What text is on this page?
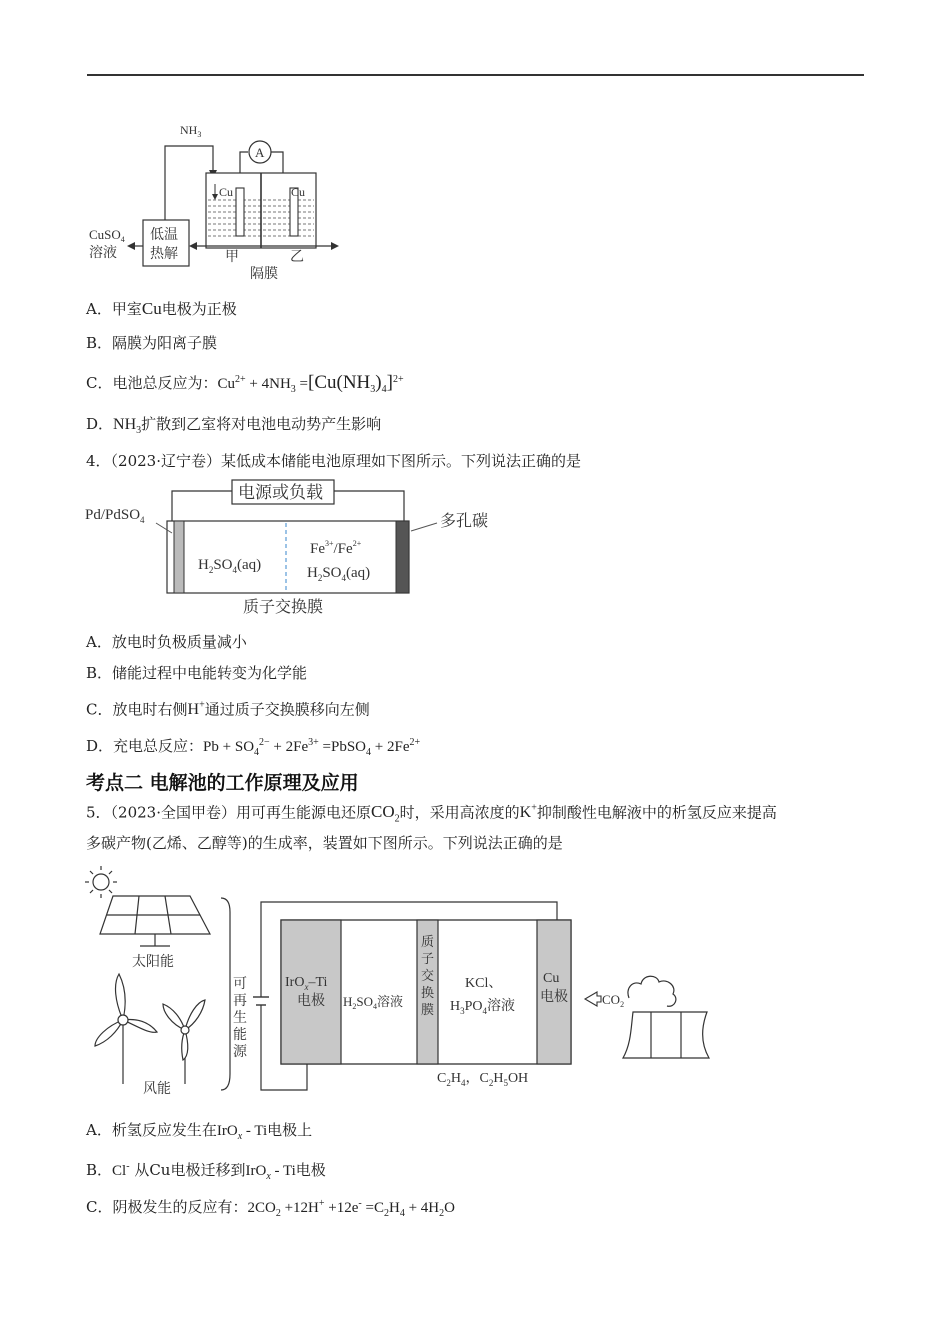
$NH_3$
A
Cu	Cu
低温
热解
CuSO$_4$
溶液	甲	乙
隔膜
A．甲室Cu电极为正极
B．隔膜为阳离子膜
C．电池总反应为：$Cu^{2+} + 4NH_3 =[Cu(NH_3)_4]^{2+}$
D．$NH_3$扩散到乙室将对电池电动势产生影响
4．（2023·辽宁卷）某低成本储能电池原理如下图所示。下列说法正确的是
电源或负载
Pd/PdSO$_4$	多孔碳
$H_2SO_4(aq)$
$Fe^{3+}/Fe^{2+}$
$H_2SO_4(aq)$
质子交换膜
A．放电时负极质量减小
B．储能过程中电能转变为化学能
C．放电时右侧H+通过质子交换膜移向左侧
D．充电总反应：$Pb + SO_4^{2-} + 2Fe^{3+}$ =PbSO$_4$ + $2Fe^{2+}$
考点二 电解池的工作原理及应用
5．（2023·全国甲卷）用可再生能源电还原$CO_2$时，采用高浓度的K+抑制酸性电解液中的析氢反应来提高
多碳产物(乙烯、乙醇等)的生成率，装置如下图所示。下列说法正确的是
太阳能
风能
可 再 生 能 源
IrO$_x$–Ti
电极 $H_2SO_4$溶液
质 子 交 换 膜
KCl、
$H_3PO_4$溶液
Cu
电极	$CO_2$
$C_2H_4$，$C_2H_5OH$
A．析氢反应发生在IrO$_x$ - Ti电极上
B．Cl- 从Cu电极迁移到IrO$_x$ - Ti电极
C．阴极发生的反应有：$2CO_2 +12H^+ +12e^- =C_2H_4 + 4H_2O$
